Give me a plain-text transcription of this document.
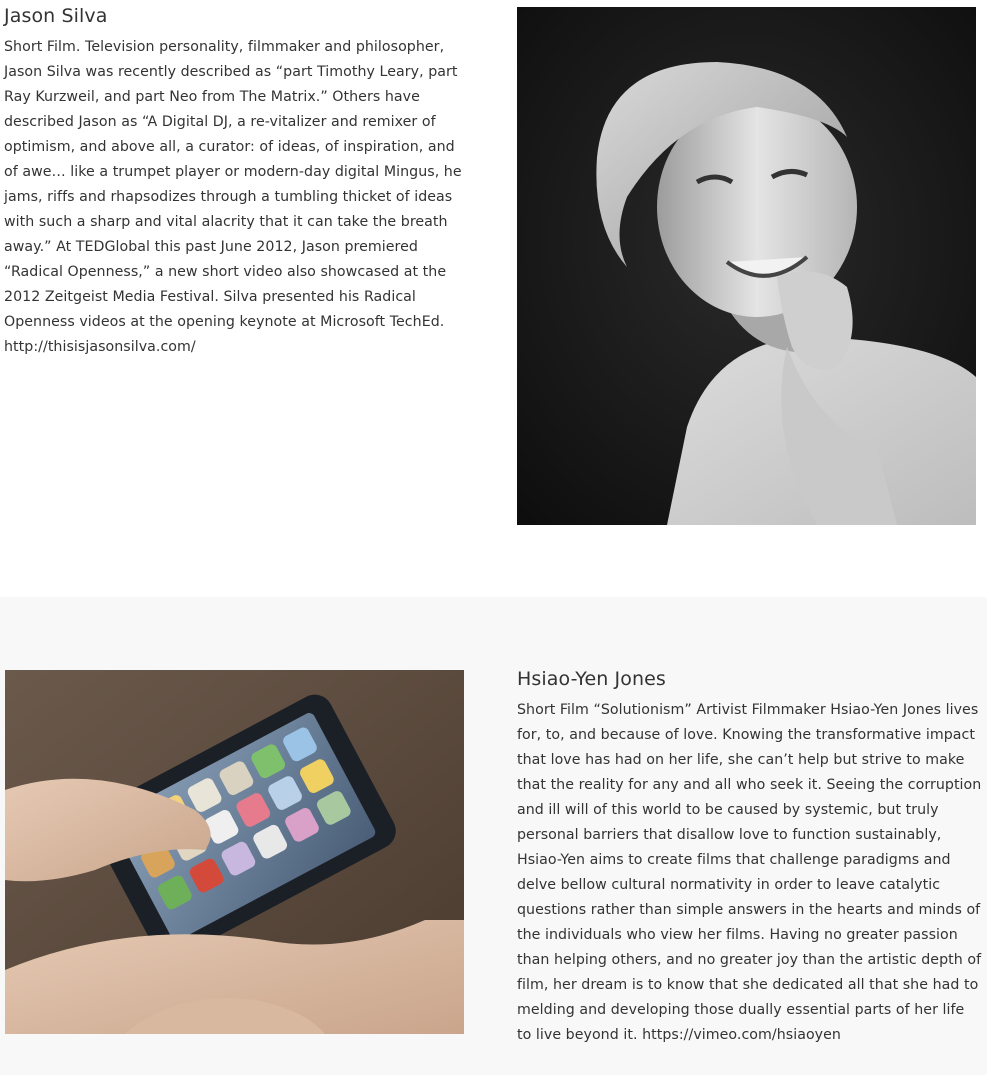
Jason Silva

Short Film. Television personality, filmmaker and philosopher, Jason Silva was recently described as “part Timothy Leary, part Ray Kurzweil, and part Neo from The Matrix.” Others have described Jason as “A Digital DJ, a re-vitalizer and remixer of optimism, and above all, a curator: of ideas, of inspiration, and of awe… like a trumpet player or modern-day digital Mingus, he jams, riffs and rhapsodizes through a tumbling thicket of ideas with such a sharp and vital alacrity that it can take the breath away.” At TEDGlobal this past June 2012, Jason premiered “Radical Openness,” a new short video also showcased at the 2012 Zeitgeist Media Festival. Silva presented his Radical Openness videos at the opening keynote at Microsoft TechEd. http://thisisjasonsilva.com/

Hsiao-Yen Jones

Short Film “Solutionism” Artivist Filmmaker Hsiao-Yen Jones lives for, to, and because of love. Knowing the transformative impact that love has had on her life, she can’t help but strive to make that the reality for any and all who seek it. Seeing the corruption and ill will of this world to be caused by systemic, but truly personal barriers that disallow love to function sustainably, Hsiao-Yen aims to create films that challenge paradigms and delve bellow cultural normativity in order to leave catalytic questions rather than simple answers in the hearts and minds of the individuals who view her films. Having no greater passion than helping others, and no greater joy than the artistic depth of film, her dream is to know that she dedicated all that she had to melding and developing those dually essential parts of her life to live beyond it. https://vimeo.com/hsiaoyen
